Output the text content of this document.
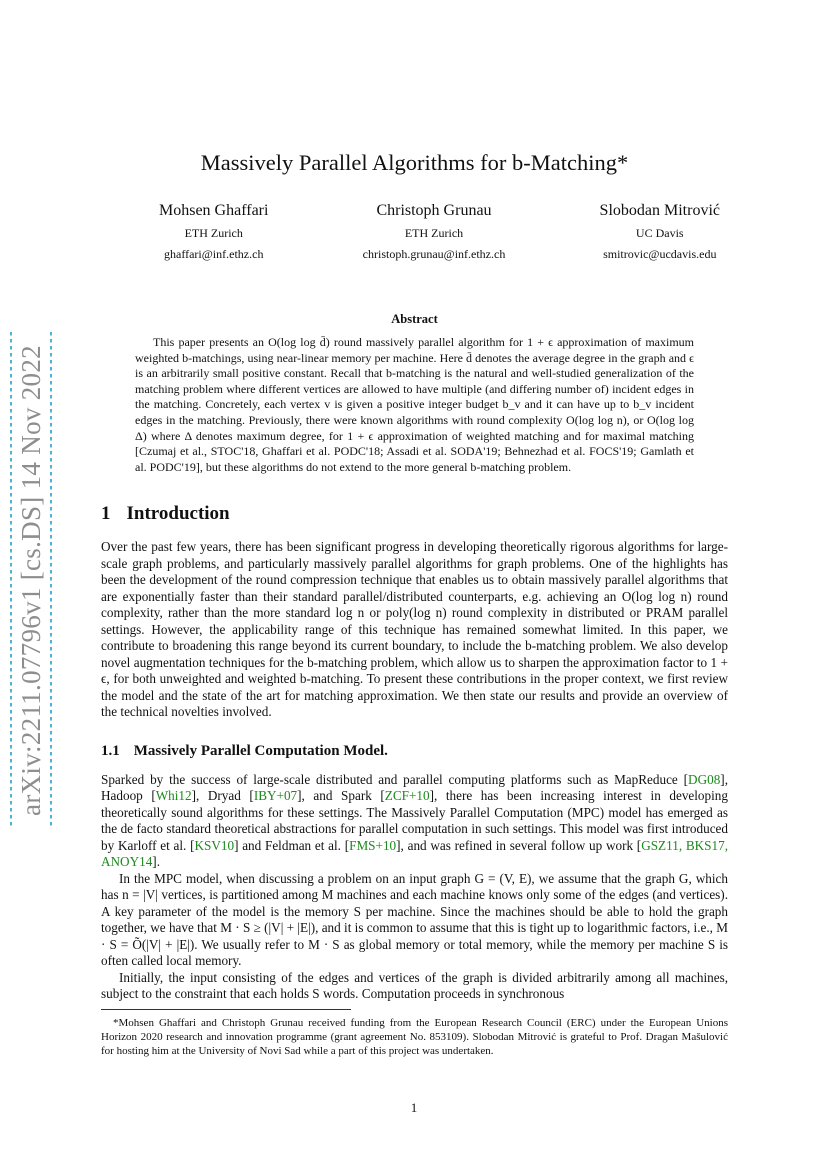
arXiv:2211.07796v1 [cs.DS] 14 Nov 2022
Massively Parallel Algorithms for b-Matching*
Mohsen Ghaffari
ETH Zurich
ghaffari@inf.ethz.ch
Christoph Grunau
ETH Zurich
christoph.grunau@inf.ethz.ch
Slobodan Mitrović
UC Davis
smitrovic@ucdavis.edu
Abstract

This paper presents an O(log log d̄) round massively parallel algorithm for 1 + ϵ approximation of maximum weighted b-matchings, using near-linear memory per machine. Here d̄ denotes the average degree in the graph and ϵ is an arbitrarily small positive constant. Recall that b-matching is the natural and well-studied generalization of the matching problem where different vertices are allowed to have multiple (and differing number of) incident edges in the matching. Concretely, each vertex v is given a positive integer budget b_v and it can have up to b_v incident edges in the matching. Previously, there were known algorithms with round complexity O(log log n), or O(log log Δ) where Δ denotes maximum degree, for 1 + ϵ approximation of weighted matching and for maximal matching [Czumaj et al., STOC'18, Ghaffari et al. PODC'18; Assadi et al. SODA'19; Behnezhad et al. FOCS'19; Gamlath et al. PODC'19], but these algorithms do not extend to the more general b-matching problem.

1 Introduction

Over the past few years, there has been significant progress in developing theoretically rigorous algorithms for large-scale graph problems, and particularly massively parallel algorithms for graph problems. One of the highlights has been the development of the round compression technique that enables us to obtain massively parallel algorithms that are exponentially faster than their standard parallel/distributed counterparts, e.g. achieving an O(log log n) round complexity, rather than the more standard log n or poly(log n) round complexity in distributed or PRAM parallel settings. However, the applicability range of this technique has remained somewhat limited. In this paper, we contribute to broadening this range beyond its current boundary, to include the b-matching problem. We also develop novel augmentation techniques for the b-matching problem, which allow us to sharpen the approximation factor to 1 + ϵ, for both unweighted and weighted b-matching. To present these contributions in the proper context, we first review the model and the state of the art for matching approximation. We then state our results and provide an overview of the technical novelties involved.

1.1 Massively Parallel Computation Model.

Sparked by the success of large-scale distributed and parallel computing platforms such as MapReduce [DG08], Hadoop [Whi12], Dryad [IBY+07], and Spark [ZCF+10], there has been increasing interest in developing theoretically sound algorithms for these settings. The Massively Parallel Computation (MPC) model has emerged as the de facto standard theoretical abstractions for parallel computation in such settings. This model was first introduced by Karloff et al. [KSV10] and Feldman et al. [FMS+10], and was refined in several follow up work [GSZ11, BKS17, ANOY14].

In the MPC model, when discussing a problem on an input graph G = (V, E), we assume that the graph G, which has n = |V| vertices, is partitioned among M machines and each machine knows only some of the edges (and vertices). A key parameter of the model is the memory S per machine. Since the machines should be able to hold the graph together, we have that M · S ≥ (|V| + |E|), and it is common to assume that this is tight up to logarithmic factors, i.e., M · S = Õ(|V| + |E|). We usually refer to M · S as global memory or total memory, while the memory per machine S is often called local memory.

Initially, the input consisting of the edges and vertices of the graph is divided arbitrarily among all machines, subject to the constraint that each holds S words. Computation proceeds in synchronous

*Mohsen Ghaffari and Christoph Grunau received funding from the European Research Council (ERC) under the European Unions Horizon 2020 research and innovation programme (grant agreement No. 853109). Slobodan Mitrović is grateful to Prof. Dragan Mašulović for hosting him at the University of Novi Sad while a part of this project was undertaken.
1
